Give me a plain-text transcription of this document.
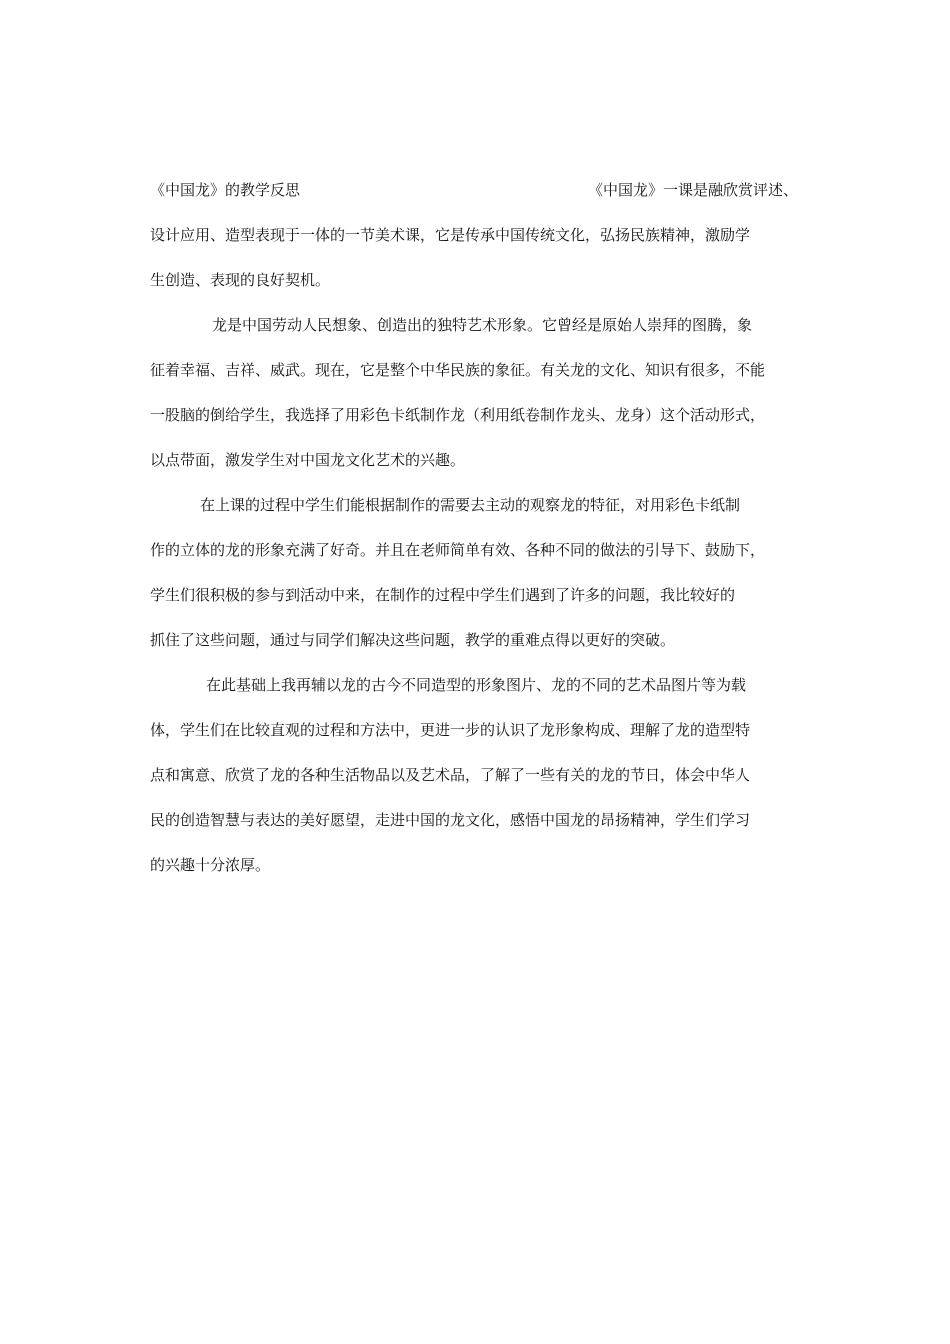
《中国龙》的教学反思	《中国龙》一课是融欣赏评述、
设计应用、造型表现于一体的一节美术课，它是传承中国传统文化，弘扬民族精神，激励学
生创造、表现的良好契机。
龙是中国劳动人民想象、创造出的独特艺术形象。它曾经是原始人崇拜的图腾，象
征着幸福、吉祥、威武。现在，它是整个中华民族的象征。有关龙的文化、知识有很多，不能
一股脑的倒给学生，我选择了用彩色卡纸制作龙（利用纸卷制作龙头、龙身）这个活动形式，
以点带面，激发学生对中国龙文化艺术的兴趣。
在上课的过程中学生们能根据制作的需要去主动的观察龙的特征，对用彩色卡纸制
作的立体的龙的形象充满了好奇。并且在老师简单有效、各种不同的做法的引导下、鼓励下，
学生们很积极的参与到活动中来，在制作的过程中学生们遇到了许多的问题，我比较好的
抓住了这些问题，通过与同学们解决这些问题，教学的重难点得以更好的突破。
在此基础上我再辅以龙的古今不同造型的形象图片、龙的不同的艺术品图片等为载
体，学生们在比较直观的过程和方法中，更进一步的认识了龙形象构成、理解了龙的造型特
点和寓意、欣赏了龙的各种生活物品以及艺术品，了解了一些有关的龙的节日，体会中华人
民的创造智慧与表达的美好愿望，走进中国的龙文化，感悟中国龙的昂扬精神，学生们学习
的兴趣十分浓厚。
